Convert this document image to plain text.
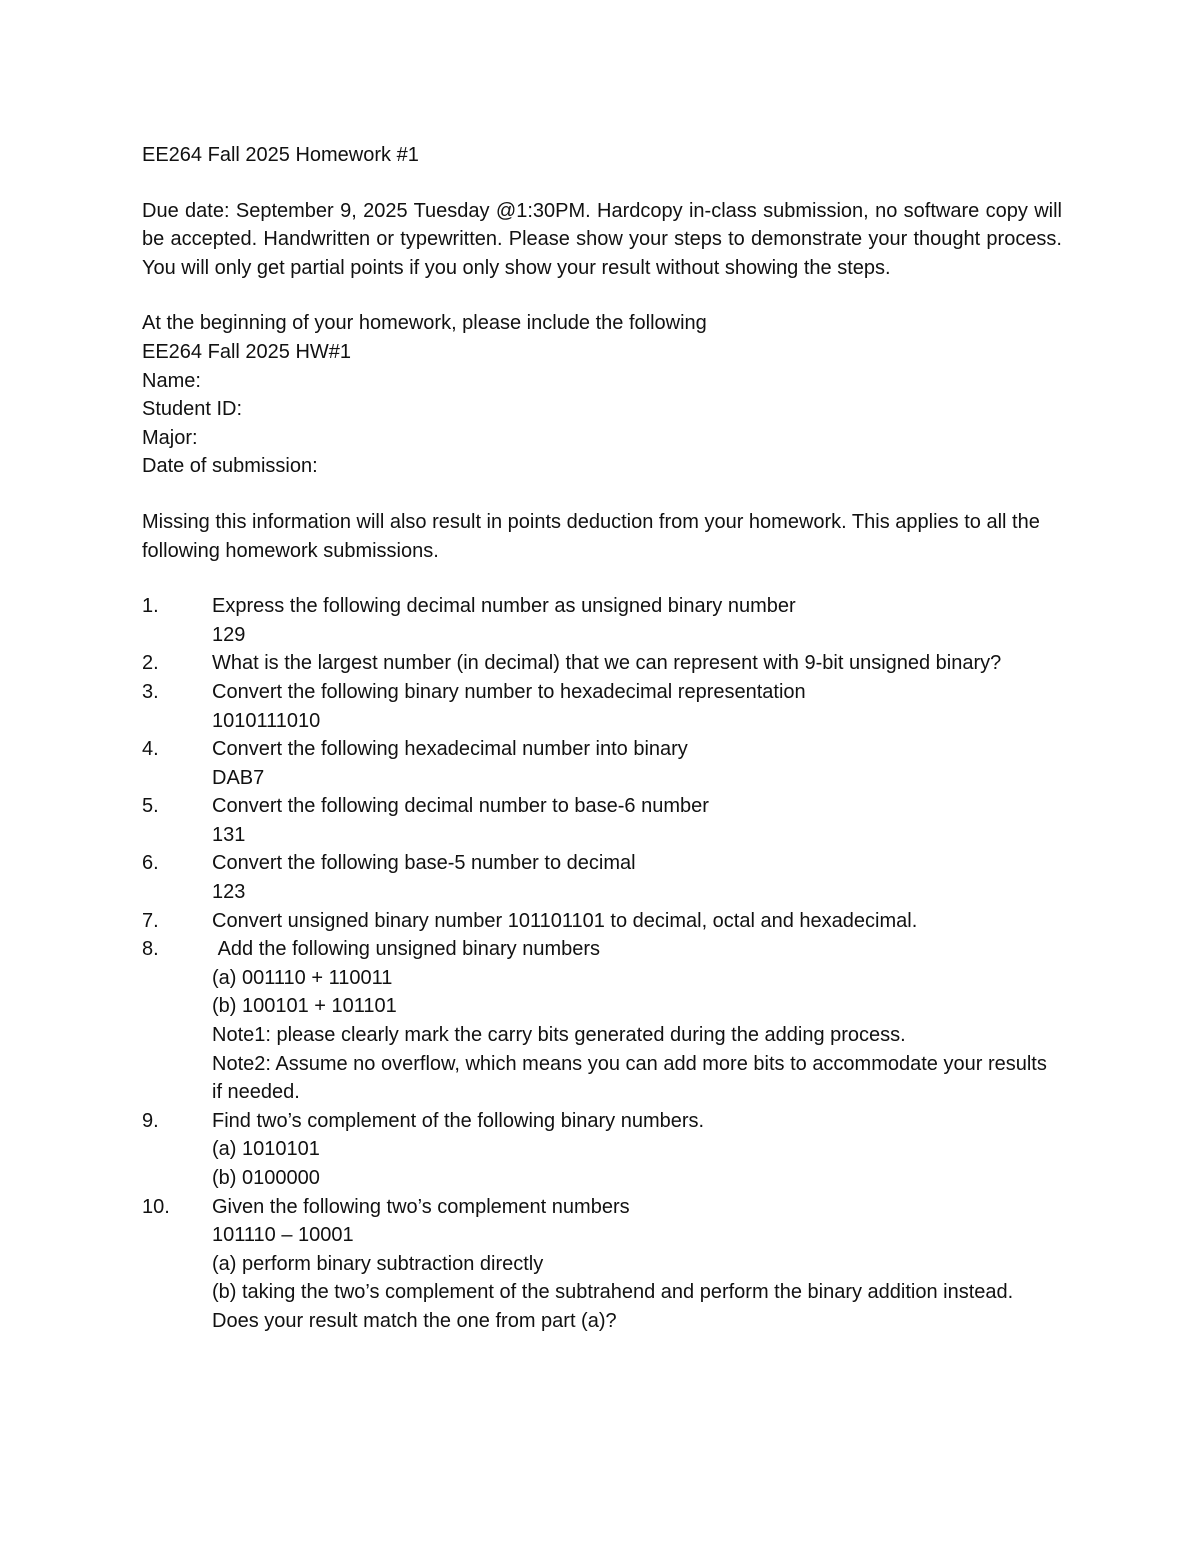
EE264 Fall 2025 Homework #1

Due date: September 9, 2025 Tuesday @1:30PM. Hardcopy in-class submission, no software copy will be accepted. Handwritten or typewritten. Please show your steps to demonstrate your thought process. You will only get partial points if you only show your result without showing the steps.

At the beginning of your homework, please include the following

EE264 Fall 2025 HW#1

Name:

Student ID:

Major:

Date of submission:

Missing this information will also result in points deduction from your homework. This applies to all the following homework submissions.

1.	Express the following decimal number as unsigned binary number
129
2.	What is the largest number (in decimal) that we can represent with 9-bit unsigned binary?
3.	Convert the following binary number to hexadecimal representation
1010111010
4.	Convert the following hexadecimal number into binary
DAB7
5.	Convert the following decimal number to base-6 number
131
6.	Convert the following base-5 number to decimal
123
7.	Convert unsigned binary number 101101101 to decimal, octal and hexadecimal.
8.	Add the following unsigned binary numbers
(a) 001110 + 110011
(b) 100101 + 101101
Note1: please clearly mark the carry bits generated during the adding process.
Note2: Assume no overflow, which means you can add more bits to accommodate your results if needed.
9.	Find two’s complement of the following binary numbers.
(a) 1010101
(b) 0100000
10.	Given the following two’s complement numbers
101110 – 10001
(a) perform binary subtraction directly
(b) taking the two’s complement of the subtrahend and perform the binary addition instead. Does your result match the one from part (a)?
